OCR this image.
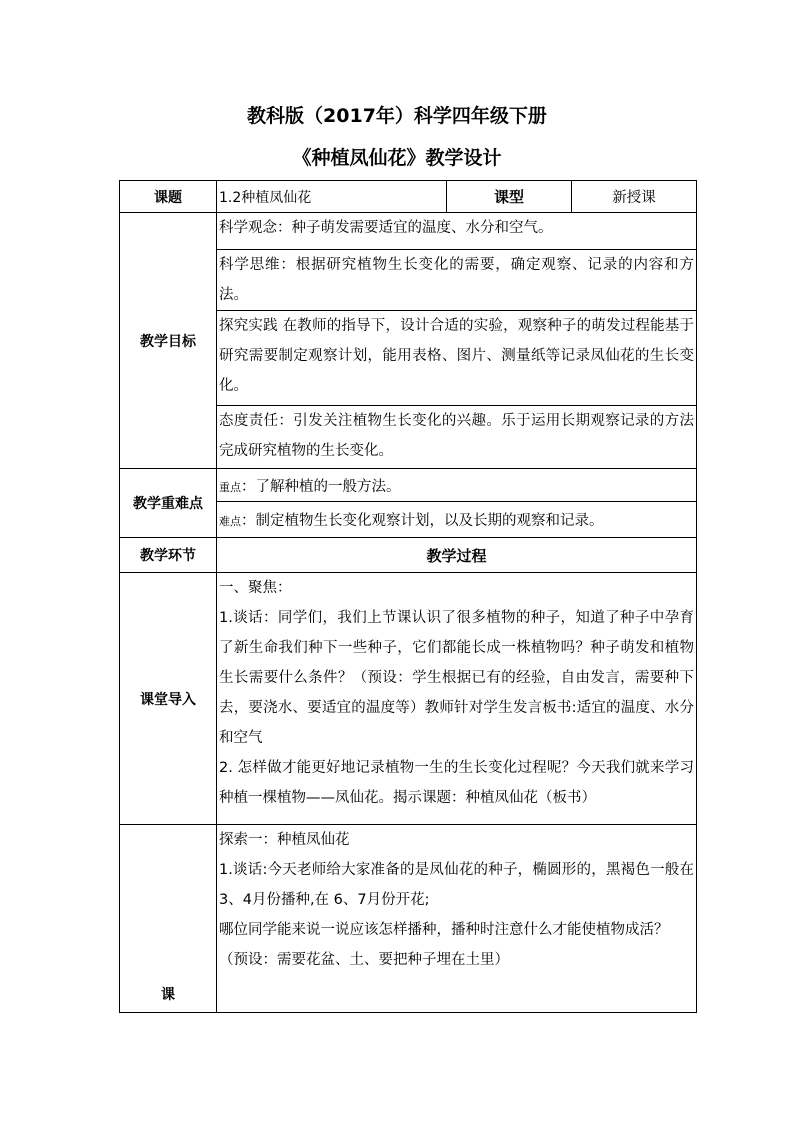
教科版（2017年）科学四年级下册
《种植凤仙花》教学设计
课题	1.2种植凤仙花	课型	新授课
教学目标	科学观念：种子萌发需要适宜的温度、水分和空气。		
	科学思维：根据研究植物生长变化的需要，确定观察、记录的内容和方法。		
	探究实践 在教师的指导下，设计合适的实验，观察种子的萌发过程能基于研究需要制定观察计划，能用表格、图片、测量纸等记录凤仙花的生长变化。		
	态度责任：引发关注植物生长变化的兴趣。乐于运用长期观察记录的方法完成研究植物的生长变化。		
教学重难点	重点：了解种植的一般方法。		
	难点：制定植物生长变化观察计划，以及长期的观察和记录。		
教学环节	教学过程		
课堂导入	一、聚焦：

1.谈话：同学们，我们上节课认识了很多植物的种子，知道了种子中孕育了新生命我们种下一些种子，它们都能长成一株植物吗？种子萌发和植物生长需要什么条件？（预设：学生根据已有的经验，自由发言，需要种下去，要浇水、要适宜的温度等）教师针对学生发言板书:适宜的温度、水分和空气

2. 怎样做才能更好地记录植物一生的生长变化过程呢？今天我们就来学习种植一棵植物——凤仙花。揭示课题：种植凤仙花（板书）		

课	探索一：种植凤仙花

1.谈话:今天老师给大家准备的是凤仙花的种子，椭圆形的，黑褐色一般在 3、4月份播种,在 6、7月份开花;

哪位同学能来说一说应该怎样播种，播种时注意什么才能使植物成活？

（预设：需要花盆、土、要把种子埋在土里）		
